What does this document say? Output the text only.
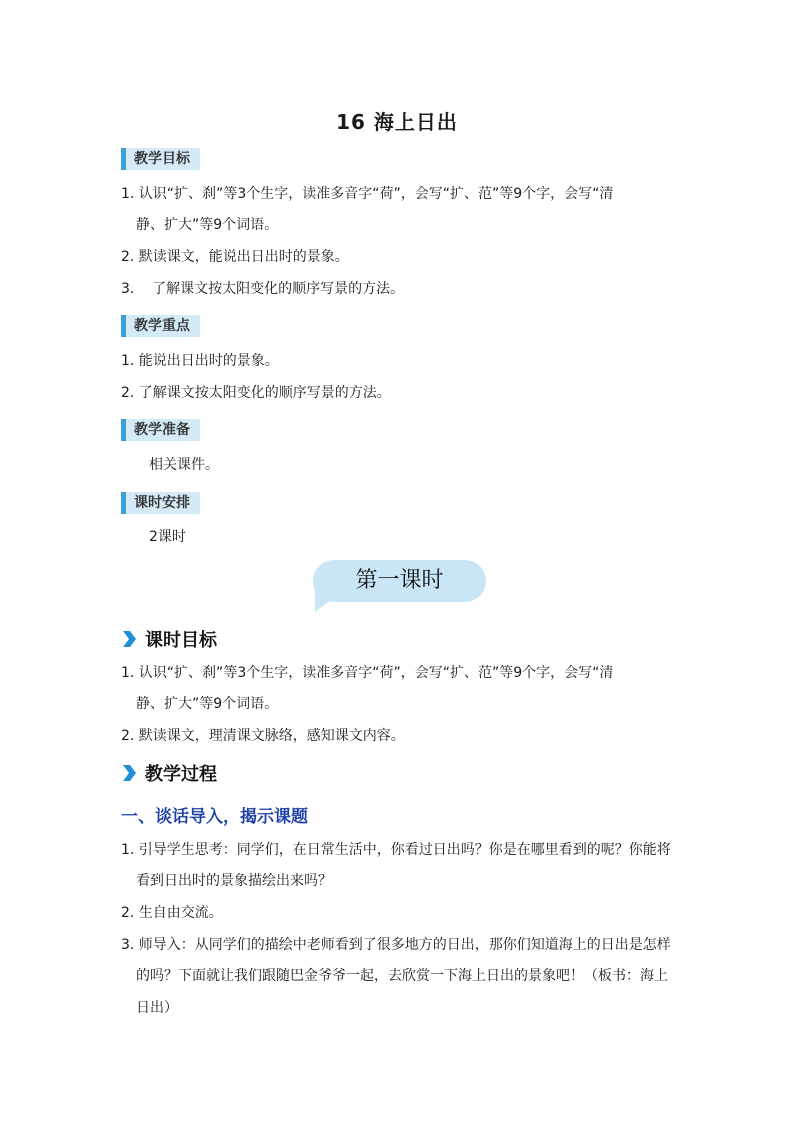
16 海上日出
教学目标
1. 认识“扩、刹”等3个生字，读准多音字“荷”，会写“扩、范”等9个字，会写“清
静、扩大”等9个词语。
2. 默读课文，能说出日出时的景象。
3.    了解课文按太阳变化的顺序写景的方法。
教学重点
1. 能说出日出时的景象。
2. 了解课文按太阳变化的顺序写景的方法。
教学准备
相关课件。
课时安排
2课时
第一课时
课时目标
1. 认识“扩、刹”等3个生字，读准多音字“荷”，会写“扩、范”等9个字，会写“清
静、扩大”等9个词语。
2. 默读课文，理清课文脉络，感知课文内容。
教学过程
一、谈话导入，揭示课题
1. 引导学生思考：同学们，在日常生活中，你看过日出吗？你是在哪里看到的呢？你能将
看到日出时的景象描绘出来吗？
2. 生自由交流。
3. 师导入：从同学们的描绘中老师看到了很多地方的日出，那你们知道海上的日出是怎样
的吗？下面就让我们跟随巴金爷爷一起，去欣赏一下海上日出的景象吧！（板书：海上
日出）
